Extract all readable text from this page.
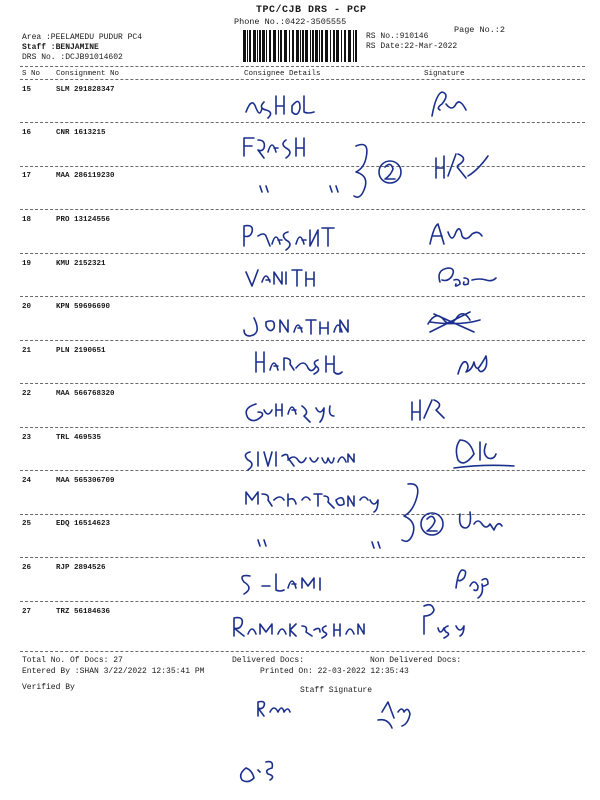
TPC/CJB DRS - PCP
Phone No.:0422-3505555
Page No.:2
Area :PEELAMEDU PUDUR PC4
Staff :BENJAMINE
DRS No. :DCJB91014602
RS No.:910146
RS Date:22-Mar-2022
S No Consignment No	Consignee Details	Signature
15	SLM 291828347
16	CNR 1613215
17	MAA 286119230
18	PRO 13124556
19	KMU 2152321
20	KPN 59696690
21	PLN 2190651
22	MAA 566768320
23	TRL 469535
24	MAA 565306709
25	EDQ 16514623
26	RJP 2894526
27	TRZ 56184636
Total No. Of Docs: 27	Delivered Docs:	Non Delivered Docs:
Entered By :SHAN 3/22/2022 12:35:41 PM	Printed On: 22-03-2022 12:35:43
Verified By	Staff Signature
